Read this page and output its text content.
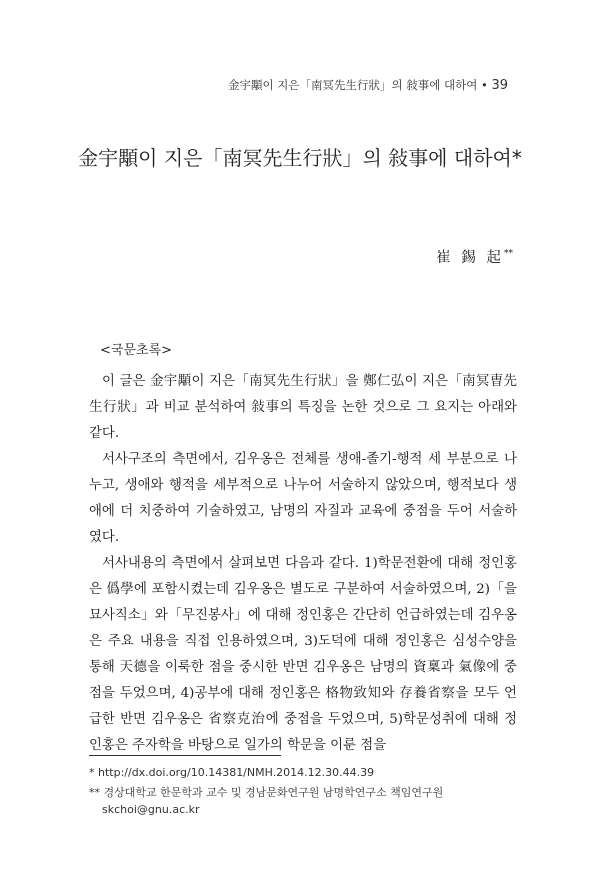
金宇顒이 지은「南冥先生行狀」의 敍事에 대하여 • 39
金宇顒이 지은「南冥先生行狀」의 敍事에 대하여*
崔 錫 起**
<국문초록>

이 글은 金宇顒이 지은「南冥先生行狀」을 鄭仁弘이 지은「南冥曺先生行狀」과 비교 분석하여 敍事의 특징을 논한 것으로 그 요지는 아래와 같다.

서사구조의 측면에서, 김우옹은 전체를 생애-졸기-행적 세 부분으로 나누고, 생애와 행적을 세부적으로 나누어 서술하지 않았으며, 행적보다 생애에 더 치중하여 기술하였고, 남명의 자질과 교육에 중점을 두어 서술하였다.

서사내용의 측면에서 살펴보면 다음과 같다. 1)학문전환에 대해 정인홍은 僞學에 포함시켰는데 김우옹은 별도로 구분하여 서술하였으며, 2)「을묘사직소」와「무진봉사」에 대해 정인홍은 간단히 언급하였는데 김우옹은 주요 내용을 직접 인용하였으며, 3)도덕에 대해 정인홍은 심성수양을 통해 天德을 이룩한 점을 중시한 반면 김우옹은 남명의 資稟과 氣像에 중점을 두었으며, 4)공부에 대해 정인홍은 格物致知와 存養省察을 모두 언급한 반면 김우옹은 省察克治에 중점을 두었으며, 5)학문성취에 대해 정인홍은 주자학을 바탕으로 일가의 학문을 이룬 점을

* http://dx.doi.org/10.14381/NMH.2014.12.30.44.39
** 경상대학교 한문학과 교수 및 경남문화연구원 남명학연구소 책임연구원
skchoi@gnu.ac.kr
